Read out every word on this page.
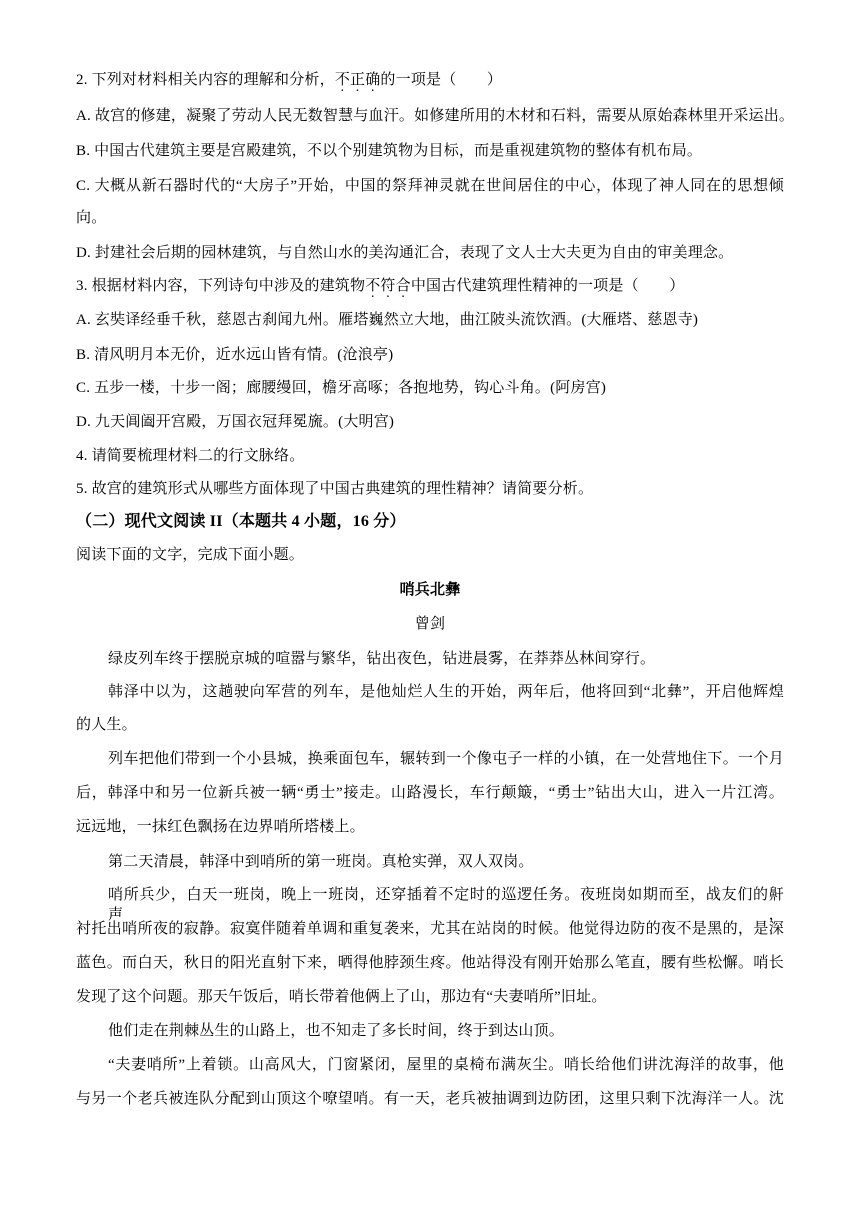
2. 下列对材料相关内容的理解和分析，不正确的一项是（　　）
A. 故宫的修建，凝聚了劳动人民无数智慧与血汗。如修建所用的木材和石料，需要从原始森林里开采运出。
B. 中国古代建筑主要是宫殿建筑，不以个别建筑物为目标，而是重视建筑物的整体有机布局。
C. 大概从新石器时代的“大房子”开始，中国的祭拜神灵就在世间居住的中心，体现了神人同在的思想倾
向。
D. 封建社会后期的园林建筑，与自然山水的美沟通汇合，表现了文人士大夫更为自由的审美理念。
3. 根据材料内容，下列诗句中涉及的建筑物不符合中国古代建筑理性精神的一项是（　　）
A. 玄奘译经垂千秋，慈恩古刹闻九州。雁塔巍然立大地，曲江陂头流饮酒。(大雁塔、慈恩寺)
B. 清风明月本无价，近水远山皆有情。(沧浪亭)
C. 五步一楼，十步一阁；廊腰缦回，檐牙高啄；各抱地势，钩心斗角。(阿房宫)
D. 九天阊阖开宫殿，万国衣冠拜冕旒。(大明宫)
4. 请简要梳理材料二的行文脉络。
5. 故宫的建筑形式从哪些方面体现了中国古典建筑的理性精神？请简要分析。
（二）现代文阅读 II（本题共 4 小题，16 分）
阅读下面的文字，完成下面小题。
哨兵北彝
曾剑
绿皮列车终于摆脱京城的喧嚣与繁华，钻出夜色，钻进晨雾，在莽莽丛林间穿行。
韩泽中以为，这趟驶向军营的列车，是他灿烂人生的开始，两年后，他将回到“北彝”，开启他辉煌
的人生。
列车把他们带到一个小县城，换乘面包车，辗转到一个像屯子一样的小镇，在一处营地住下。一个月
后，韩泽中和另一位新兵被一辆“勇士”接走。山路漫长，车行颠簸，“勇士”钻出大山，进入一片江湾。
远远地，一抹红色飘扬在边界哨所塔楼上。
第二天清晨，韩泽中到哨所的第一班岗。真枪实弹，双人双岗。
哨所兵少，白天一班岗，晚上一班岗，还穿插着不定时的巡逻任务。夜班岗如期而至，战友们的鼾声，
衬托出哨所夜的寂静。寂寞伴随着单调和重复袭来，尤其在站岗的时候。他觉得边防的夜不是黑的，是深
蓝色。而白天，秋日的阳光直射下来，晒得他脖颈生疼。他站得没有刚开始那么笔直，腰有些松懈。哨长
发现了这个问题。那天午饭后，哨长带着他俩上了山，那边有“夫妻哨所”旧址。
他们走在荆棘丛生的山路上，也不知走了多长时间，终于到达山顶。
“夫妻哨所”上着锁。山高风大，门窗紧闭，屋里的桌椅布满灰尘。哨长给他们讲沈海洋的故事，他
与另一个老兵被连队分配到山顶这个嘹望哨。有一天，老兵被抽调到边防团，这里只剩下沈海洋一人。沈
